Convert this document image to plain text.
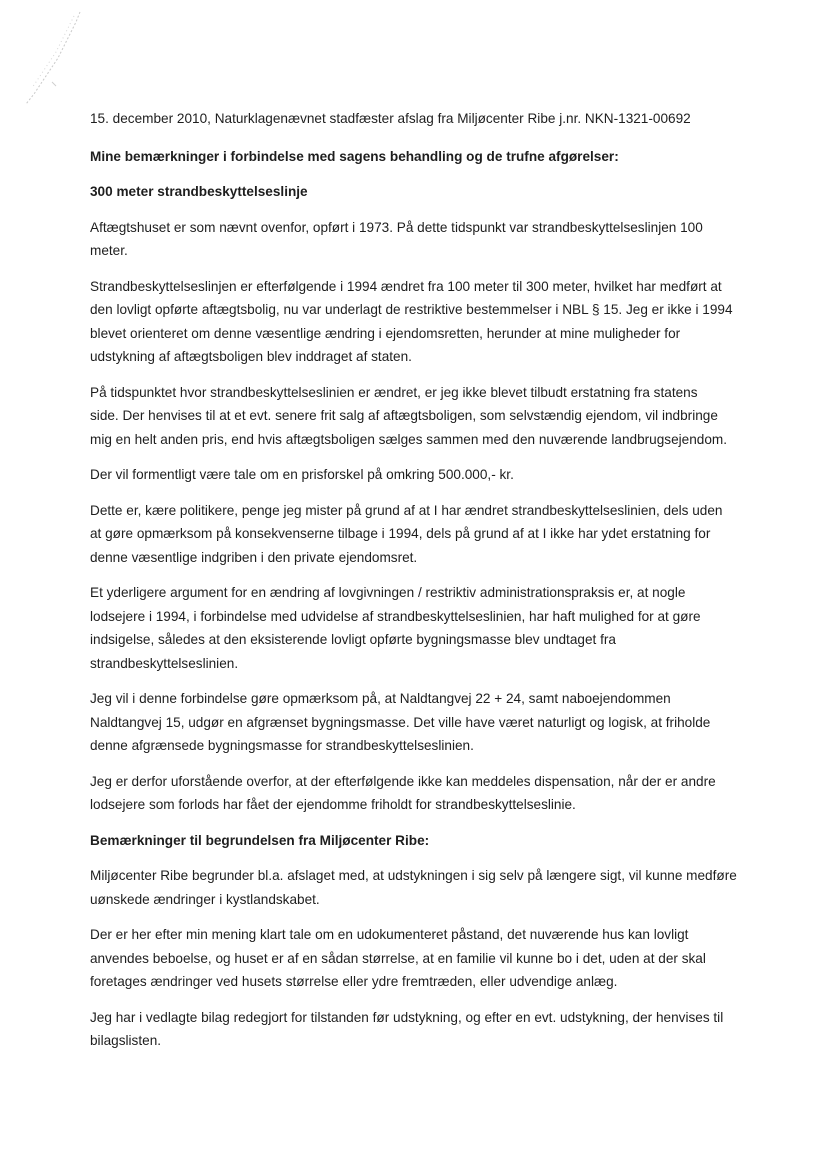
15. december 2010, Naturklagenævnet stadfæster afslag fra Miljøcenter Ribe j.nr. NKN-1321-00692
Mine bemærkninger i forbindelse med sagens behandling og de trufne afgørelser:
300 meter strandbeskyttelseslinje
Aftægtshuset er som nævnt ovenfor, opført i 1973. På dette tidspunkt var strandbeskyttelseslinjen 100
meter.
Strandbeskyttelseslinjen er efterfølgende i 1994 ændret fra 100 meter til 300 meter, hvilket har medført at
den lovligt opførte aftægtsbolig, nu var underlagt de restriktive bestemmelser i NBL § 15. Jeg er ikke i 1994
blevet orienteret om denne væsentlige ændring i ejendomsretten, herunder at mine muligheder for
udstykning af aftægtsboligen blev inddraget af staten.
På tidspunktet hvor strandbeskyttelseslinien er ændret, er jeg ikke blevet tilbudt erstatning fra statens
side. Der henvises til at et evt. senere frit salg af aftægtsboligen, som selvstændig ejendom, vil indbringe
mig en helt anden pris, end hvis aftægtsboligen sælges sammen med den nuværende landbrugsejendom.
Der vil formentligt være tale om en prisforskel på omkring 500.000,- kr.
Dette er, kære politikere, penge jeg mister på grund af at I har ændret strandbeskyttelseslinien, dels uden
at gøre opmærksom på konsekvenserne tilbage i 1994, dels på grund af at I ikke har ydet erstatning for
denne væsentlige indgriben i den private ejendomsret.
Et yderligere argument for en ændring af lovgivningen / restriktiv administrationspraksis er, at nogle
lodsejere i 1994, i forbindelse med udvidelse af strandbeskyttelseslinien, har haft mulighed for at gøre
indsigelse, således at den eksisterende lovligt opførte bygningsmasse blev undtaget fra
strandbeskyttelseslinien.
Jeg vil i denne forbindelse gøre opmærksom på, at Naldtangvej 22 + 24, samt naboejendommen
Naldtangvej 15, udgør en afgrænset bygningsmasse. Det ville have været naturligt og logisk, at friholde
denne afgrænsede bygningsmasse for strandbeskyttelseslinien.
Jeg er derfor uforstående overfor, at der efterfølgende ikke kan meddeles dispensation, når der er andre
lodsejere som forlods har fået der ejendomme friholdt for strandbeskyttelseslinie.
Bemærkninger til begrundelsen fra Miljøcenter Ribe:
Miljøcenter Ribe begrunder bl.a. afslaget med, at udstykningen i sig selv på længere sigt, vil kunne medføre
uønskede ændringer i kystlandskabet.
Der er her efter min mening klart tale om en udokumenteret påstand, det nuværende hus kan lovligt
anvendes beboelse, og huset er af en sådan størrelse, at en familie vil kunne bo i det, uden at der skal
foretages ændringer ved husets størrelse eller ydre fremtræden, eller udvendige anlæg.
Jeg har i vedlagte bilag redegjort for tilstanden før udstykning, og efter en evt. udstykning, der henvises til
bilagslisten.
